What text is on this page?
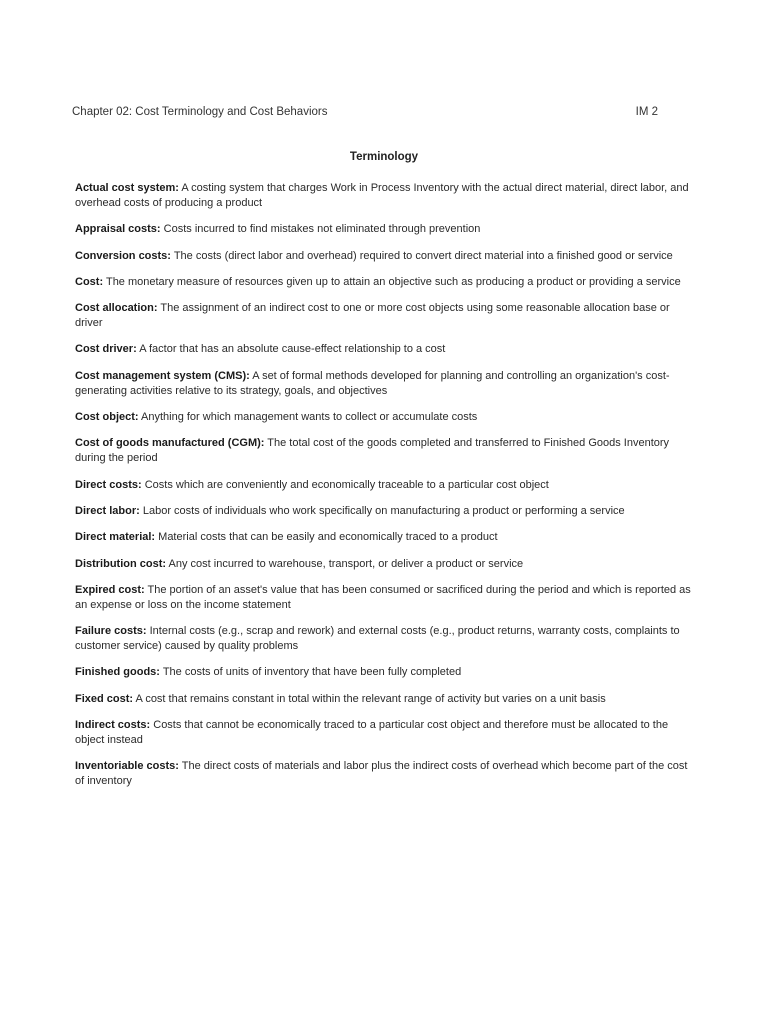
Chapter 02: Cost Terminology and Cost Behaviors	IM 2
Terminology

Actual cost system: A costing system that charges Work in Process Inventory with the actual direct material, direct labor, and overhead costs of producing a product

Appraisal costs: Costs incurred to find mistakes not eliminated through prevention

Conversion costs: The costs (direct labor and overhead) required to convert direct material into a finished good or service

Cost: The monetary measure of resources given up to attain an objective such as producing a product or providing a service

Cost allocation: The assignment of an indirect cost to one or more cost objects using some reasonable allocation base or driver

Cost driver: A factor that has an absolute cause-effect relationship to a cost

Cost management system (CMS): A set of formal methods developed for planning and controlling an organization's cost-generating activities relative to its strategy, goals, and objectives

Cost object: Anything for which management wants to collect or accumulate costs

Cost of goods manufactured (CGM): The total cost of the goods completed and transferred to Finished Goods Inventory during the period

Direct costs: Costs which are conveniently and economically traceable to a particular cost object

Direct labor: Labor costs of individuals who work specifically on manufacturing a product or performing a service

Direct material: Material costs that can be easily and economically traced to a product

Distribution cost: Any cost incurred to warehouse, transport, or deliver a product or service

Expired cost: The portion of an asset's value that has been consumed or sacrificed during the period and which is reported as an expense or loss on the income statement

Failure costs: Internal costs (e.g., scrap and rework) and external costs (e.g., product returns, warranty costs, complaints to customer service) caused by quality problems

Finished goods: The costs of units of inventory that have been fully completed

Fixed cost: A cost that remains constant in total within the relevant range of activity but varies on a unit basis

Indirect costs: Costs that cannot be economically traced to a particular cost object and therefore must be allocated to the object instead

Inventoriable costs: The direct costs of materials and labor plus the indirect costs of overhead which become part of the cost of inventory
